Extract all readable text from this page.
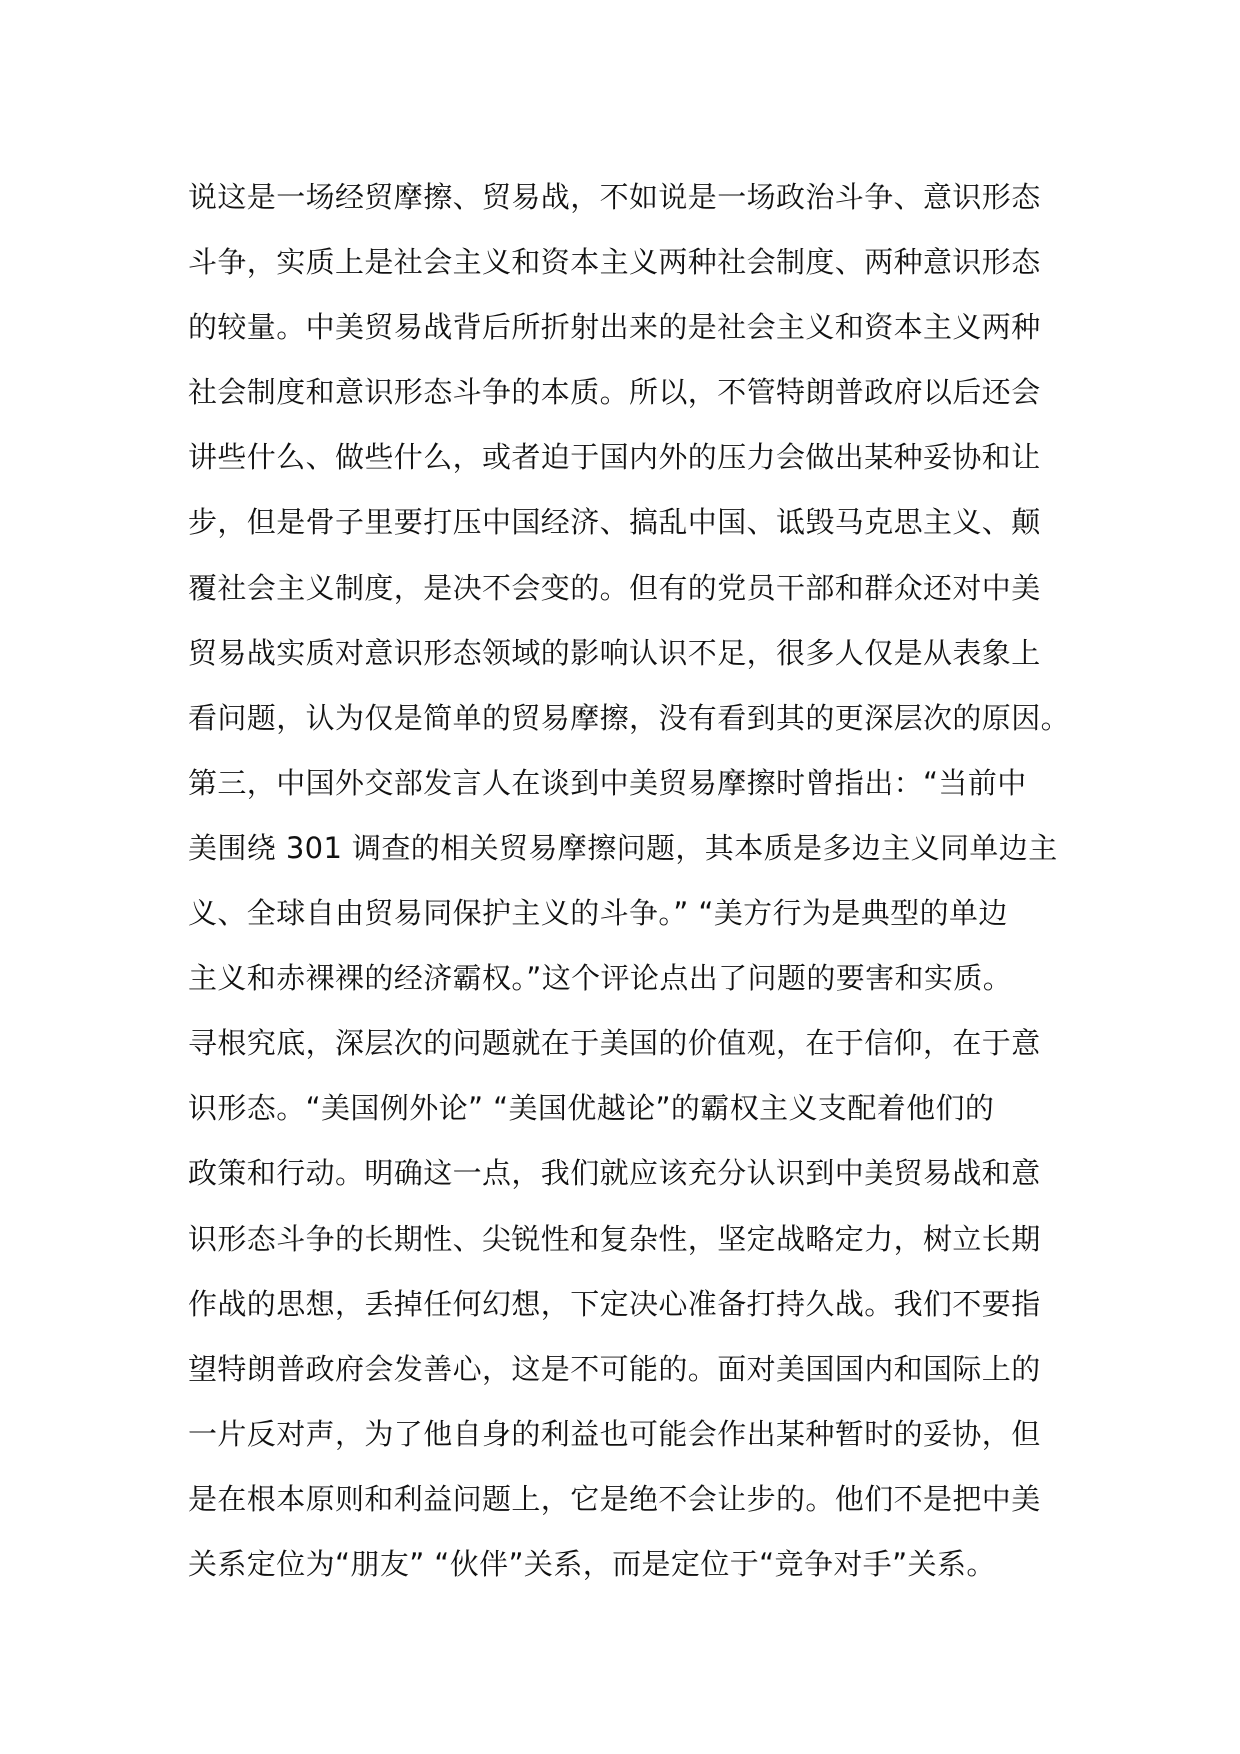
说这是一场经贸摩擦、贸易战，不如说是一场政治斗争、意识形态
斗争，实质上是社会主义和资本主义两种社会制度、两种意识形态
的较量。中美贸易战背后所折射出来的是社会主义和资本主义两种
社会制度和意识形态斗争的本质。所以，不管特朗普政府以后还会
讲些什么、做些什么，或者迫于国内外的压力会做出某种妥协和让
步，但是骨子里要打压中国经济、搞乱中国、诋毁马克思主义、颠
覆社会主义制度，是决不会变的。但有的党员干部和群众还对中美
贸易战实质对意识形态领域的影响认识不足，很多人仅是从表象上
看问题，认为仅是简单的贸易摩擦，没有看到其的更深层次的原因。
第三，中国外交部发言人在谈到中美贸易摩擦时曾指出：“当前中
美围绕 301 调查的相关贸易摩擦问题，其本质是多边主义同单边主
义、全球自由贸易同保护主义的斗争。” “美方行为是典型的单边
主义和赤裸裸的经济霸权。”这个评论点出了问题的要害和实质。
寻根究底，深层次的问题就在于美国的价值观，在于信仰，在于意
识形态。“美国例外论” “美国优越论”的霸权主义支配着他们的
政策和行动。明确这一点，我们就应该充分认识到中美贸易战和意
识形态斗争的长期性、尖锐性和复杂性，坚定战略定力，树立长期
作战的思想，丢掉任何幻想，下定决心准备打持久战。我们不要指
望特朗普政府会发善心，这是不可能的。面对美国国内和国际上的
一片反对声，为了他自身的利益也可能会作出某种暂时的妥协，但
是在根本原则和利益问题上，它是绝不会让步的。他们不是把中美
关系定位为“朋友” “伙伴”关系，而是定位于“竞争对手”关系。
